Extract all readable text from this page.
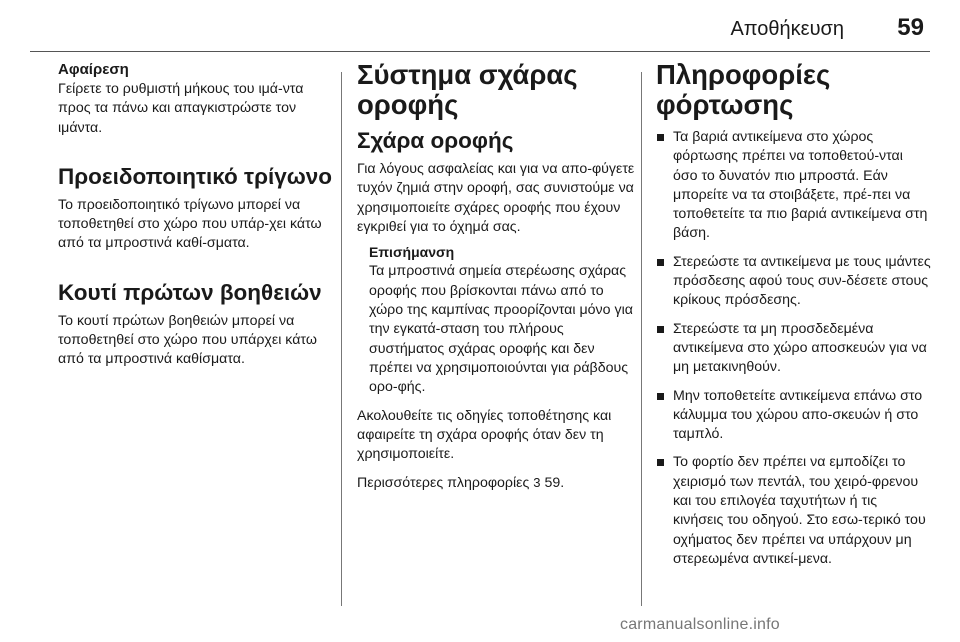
Αποθήκευση 59
Αφαίρεση

Γείρετε το ρυθμιστή μήκους του ιμά-ντα προς τα πάνω και απαγκιστρώστε τον ιμάντα.

Προειδοποιητικό τρίγωνο

Το προειδοποιητικό τρίγωνο μπορεί να τοποθετηθεί στο χώρο που υπάρ-χει κάτω από τα μπροστινά καθί-σματα.

Κουτί πρώτων βοηθειών

Το κουτί πρώτων βοηθειών μπορεί να τοποθετηθεί στο χώρο που υπάρχει κάτω από τα μπροστινά καθίσματα.

Σύστημα σχάρας οροφής
Σχάρα οροφής

Για λόγους ασφαλείας και για να απο-φύγετε τυχόν ζημιά στην οροφή, σας συνιστούμε να χρησιμοποιείτε σχάρες οροφής που έχουν εγκριθεί για το όχημά σας.

Επισήμανση
Τα μπροστινά σημεία στερέωσης σχάρας οροφής που βρίσκονται πάνω από το χώρο της καμπίνας προορίζονται μόνο για την εγκατά-σταση του πλήρους συστήματος σχάρας οροφής και δεν πρέπει να χρησιμοποιούνται για ράβδους ορο-φής.

Ακολουθείτε τις οδηγίες τοποθέτησης και αφαιρείτε τη σχάρα οροφής όταν δεν τη χρησιμοποιείτε.

Περισσότερες πληροφορίες 3 59.

Πληροφορίες φόρτωσης
Τα βαριά αντικείμενα στο χώρος φόρτωσης πρέπει να τοποθετού-νται όσο το δυνατόν πιο μπροστά. Εάν μπορείτε να τα στοιβάξετε, πρέ-πει να τοποθετείτε τα πιο βαριά αντικείμενα στη βάση.
Στερεώστε τα αντικείμενα με τους ιμάντες πρόσδεσης αφού τους συν-δέσετε στους κρίκους πρόσδεσης.
Στερεώστε τα μη προσδεδεμένα αντικείμενα στο χώρο αποσκευών για να μη μετακινηθούν.
Μην τοποθετείτε αντικείμενα επάνω στο κάλυμμα του χώρου απο-σκευών ή στο ταμπλό.
Το φορτίο δεν πρέπει να εμποδίζει το χειρισμό των πεντάλ, του χειρό-φρενου και του επιλογέα ταχυτήτων ή τις κινήσεις του οδηγού. Στο εσω-τερικό του οχήματος δεν πρέπει να υπάρχουν μη στερεωμένα αντικεί-μενα.
carmanualsonline.info
